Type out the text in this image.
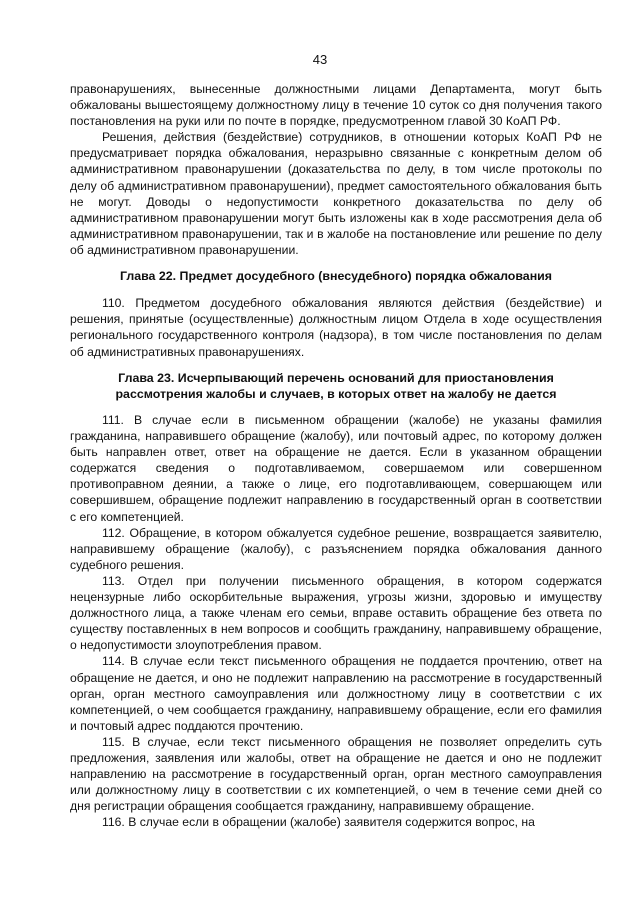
43

правонарушениях, вынесенные должностными лицами Департамента, могут быть обжалованы вышестоящему должностному лицу в течение 10 суток со дня получения такого постановления на руки или по почте в порядке, предусмотренном главой 30 КоАП РФ.

Решения, действия (бездействие) сотрудников, в отношении которых КоАП РФ не предусматривает порядка обжалования, неразрывно связанные с конкретным делом об административном правонарушении (доказательства по делу, в том числе протоколы по делу об административном правонарушении), предмет самостоятельного обжалования быть не могут. Доводы о недопустимости конкретного доказательства по делу об административном правонарушении могут быть изложены как в ходе рассмотрения дела об административном правонарушении, так и в жалобе на постановление или решение по делу об административном правонарушении.

Глава 22. Предмет досудебного (внесудебного) порядка обжалования

110. Предметом досудебного обжалования являются действия (бездействие) и решения, принятые (осуществленные) должностным лицом Отдела в ходе осуществления регионального государственного контроля (надзора), в том числе постановления по делам об административных правонарушениях.

Глава 23. Исчерпывающий перечень оснований для приостановления
рассмотрения жалобы и случаев, в которых ответ на жалобу не дается

111. В случае если в письменном обращении (жалобе) не указаны фамилия гражданина, направившего обращение (жалобу), или почтовый адрес, по которому должен быть направлен ответ, ответ на обращение не дается. Если в указанном обращении содержатся сведения о подготавливаемом, совершаемом или совершенном противоправном деянии, а также о лице, его подготавливающем, совершающем или совершившем, обращение подлежит направлению в государственный орган в соответствии с его компетенцией.

112. Обращение, в котором обжалуется судебное решение, возвращается заявителю, направившему обращение (жалобу), с разъяснением порядка обжалования данного судебного решения.

113. Отдел при получении письменного обращения, в котором содержатся нецензурные либо оскорбительные выражения, угрозы жизни, здоровью и имуществу должностного лица, а также членам его семьи, вправе оставить обращение без ответа по существу поставленных в нем вопросов и сообщить гражданину, направившему обращение, о недопустимости злоупотребления правом.

114. В случае если текст письменного обращения не поддается прочтению, ответ на обращение не дается, и оно не подлежит направлению на рассмотрение в государственный орган, орган местного самоуправления или должностному лицу в соответствии с их компетенцией, о чем сообщается гражданину, направившему обращение, если его фамилия и почтовый адрес поддаются прочтению.

115. В случае, если текст письменного обращения не позволяет определить суть предложения, заявления или жалобы, ответ на обращение не дается и оно не подлежит направлению на рассмотрение в государственный орган, орган местного самоуправления или должностному лицу в соответствии с их компетенцией, о чем в течение семи дней со дня регистрации обращения сообщается гражданину, направившему обращение.

116. В случае если в обращении (жалобе) заявителя содержится вопрос, на
